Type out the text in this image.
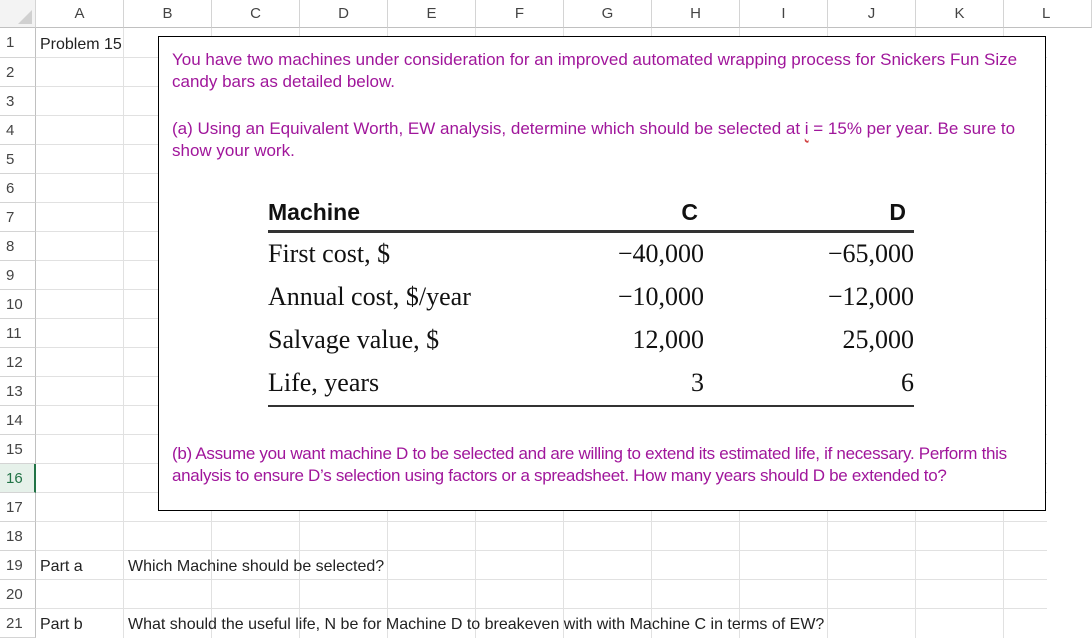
A	B	C	D	E	F	G	H	I	J	K	L
1
2
3
4
5
6
7
8
9
10
11
12
13
14
15
16
17
18
19
20
21
Problem 15
Part a	Which Machine should be selected?
Part b	What should the useful life, N be for Machine D to breakeven with with Machine C in terms of EW?

You have two machines under consideration for an improved automated wrapping process for Snickers Fun Size candy bars as detailed below.

(a) Using an Equivalent Worth, EW analysis, determine which should be selected at i = 15% per year. Be sure to show your work.

Machine	C	D
First cost, $	−40,000	−65,000
Annual cost, $/year	−10,000	−12,000
Salvage value, $	12,000	25,000
Life, years	3	6

(b) Assume you want machine D to be selected and are willing to extend its estimated life, if necessary. Perform this analysis to ensure D’s selection using factors or a spreadsheet. How many years should D be extended to?
